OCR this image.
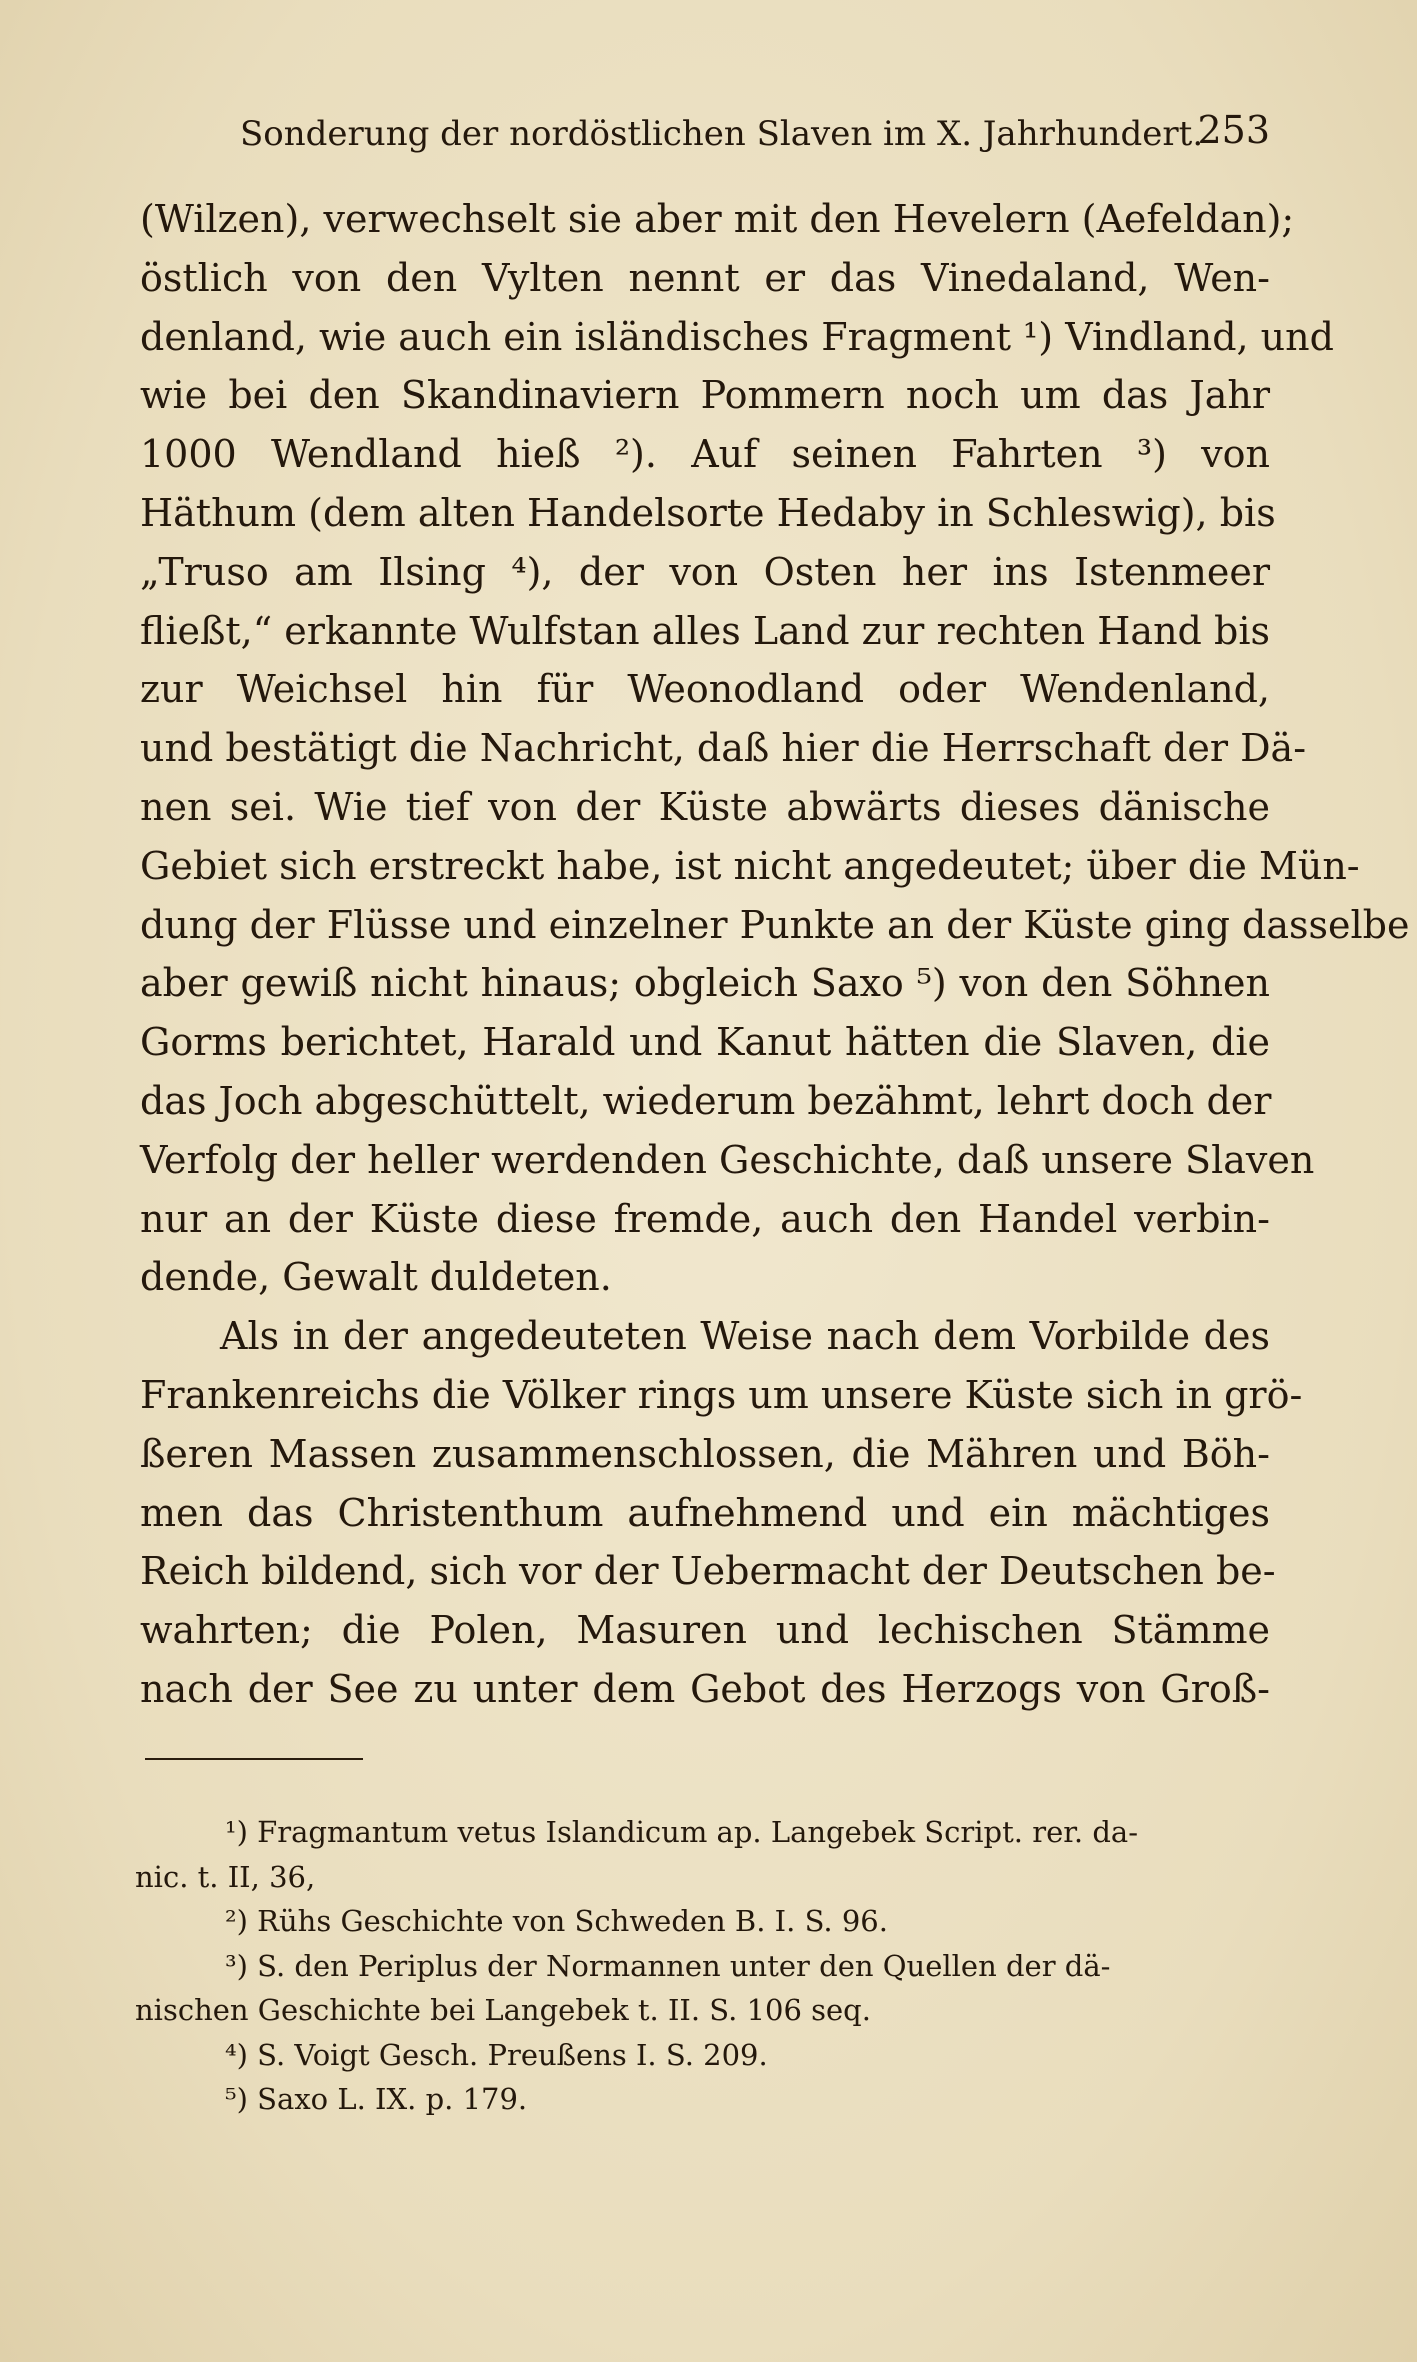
Sonderung der nordöstlichen Slaven im X. Jahrhundert.
253
(Wilzen), verwechselt sie aber mit den Hevelern (Aefeldan);
östlich von den Vylten nennt er das Vinedaland, Wen-
denland, wie auch ein isländisches Fragment ¹) Vindland, und
wie bei den Skandinaviern Pommern noch um das Jahr
1000 Wendland hieß ²). Auf seinen Fahrten ³) von
Häthum (dem alten Handelsorte Hedaby in Schleswig), bis
„Truso am Ilsing ⁴), der von Osten her ins Istenmeer
fließt,“ erkannte Wulfstan alles Land zur rechten Hand bis
zur Weichsel hin für Weonodland oder Wendenland,
und bestätigt die Nachricht, daß hier die Herrschaft der Dä-
nen sei. Wie tief von der Küste abwärts dieses dänische
Gebiet sich erstreckt habe, ist nicht angedeutet; über die Mün-
dung der Flüsse und einzelner Punkte an der Küste ging dasselbe
aber gewiß nicht hinaus; obgleich Saxo ⁵) von den Söhnen
Gorms berichtet, Harald und Kanut hätten die Slaven, die
das Joch abgeschüttelt, wiederum bezähmt, lehrt doch der
Verfolg der heller werdenden Geschichte, daß unsere Slaven
nur an der Küste diese fremde, auch den Handel verbin-
dende, Gewalt duldeten.
Als in der angedeuteten Weise nach dem Vorbilde des
Frankenreichs die Völker rings um unsere Küste sich in grö-
ßeren Massen zusammenschlossen, die Mähren und Böh-
men das Christenthum aufnehmend und ein mächtiges
Reich bildend, sich vor der Uebermacht der Deutschen be-
wahrten; die Polen, Masuren und lechischen Stämme
nach der See zu unter dem Gebot des Herzogs von Groß-
¹) Fragmantum vetus Islandicum ap. Langebek Script. rer. da-
nic. t. II, 36,
²) Rühs Geschichte von Schweden B. I. S. 96.
³) S. den Periplus der Normannen unter den Quellen der dä-
nischen Geschichte bei Langebek t. II. S. 106 seq.
⁴) S. Voigt Gesch. Preußens I. S. 209.
⁵) Saxo L. IX. p. 179.
